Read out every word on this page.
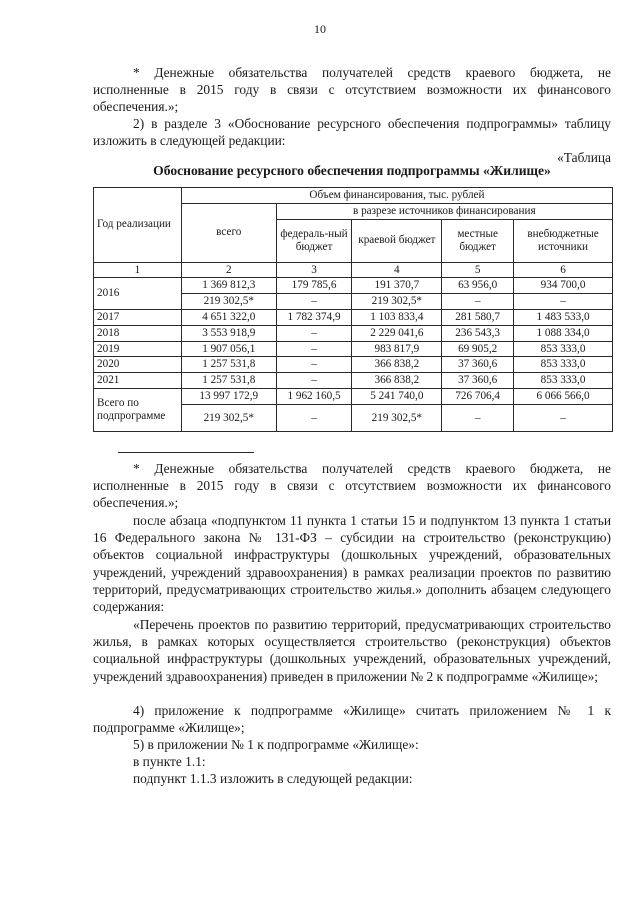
10

* Денежные обязательства получателей средств краевого бюджета, не исполненные в 2015 году в связи с отсутствием возможности их финансового обеспечения.»;

2) в разделе 3 «Обоснование ресурсного обеспечения подпрограммы» таблицу изложить в следующей редакции:

«Таблица

Обоснование ресурсного обеспечения подпрограммы «Жилище»
Год реализации	Объем финансирования, тыс. рублей				
	всего	в разрезе источников финансирования			
		федераль-ный бюджет	краевой бюджет	местные бюджет	внебюджетные источники
1	2	3	4	5	6
2016	1 369 812,3	179 785,6	191 370,7	63 956,0	934 700,0
	219 302,5*	–	219 302,5*	–	–
2017	4 651 322,0	1 782 374,9	1 103 833,4	281 580,7	1 483 533,0
2018	3 553 918,9	–	2 229 041,6	236 543,3	1 088 334,0
2019	1 907 056,1	–	983 817,9	69 905,2	853 333,0
2020	1 257 531,8	–	366 838,2	37 360,6	853 333,0
2021	1 257 531,8	–	366 838,2	37 360,6	853 333,0
Всего по подпрограмме	13 997 172,9	1 962 160,5	5 241 740,0	726 706,4	6 066 566,0
	219 302,5*	–	219 302,5*	–	–

* Денежные обязательства получателей средств краевого бюджета, не исполненные в 2015 году в связи с отсутствием возможности их финансового обеспечения.»;

после абзаца «подпунктом 11 пункта 1 статьи 15 и подпунктом 13 пункта 1 статьи 16 Федерального закона № 131-ФЗ – субсидии на строительство (реконструкцию) объектов социальной инфраструктуры (дошкольных учреждений, образовательных учреждений, учреждений здравоохранения) в рамках реализации проектов по развитию территорий, предусматривающих строительство жилья.» дополнить абзацем следующего содержания:

«Перечень проектов по развитию территорий, предусматривающих строительство жилья, в рамках которых осуществляется строительство (реконструкция) объектов социальной инфраструктуры (дошкольных учреждений, образовательных учреждений, учреждений здравоохранения) приведен в приложении № 2 к подпрограмме «Жилище»;

4) приложение к подпрограмме «Жилище» считать приложением № 1 к подпрограмме «Жилище»;

5) в приложении № 1 к подпрограмме «Жилище»:

в пункте 1.1:

подпункт 1.1.3 изложить в следующей редакции:
